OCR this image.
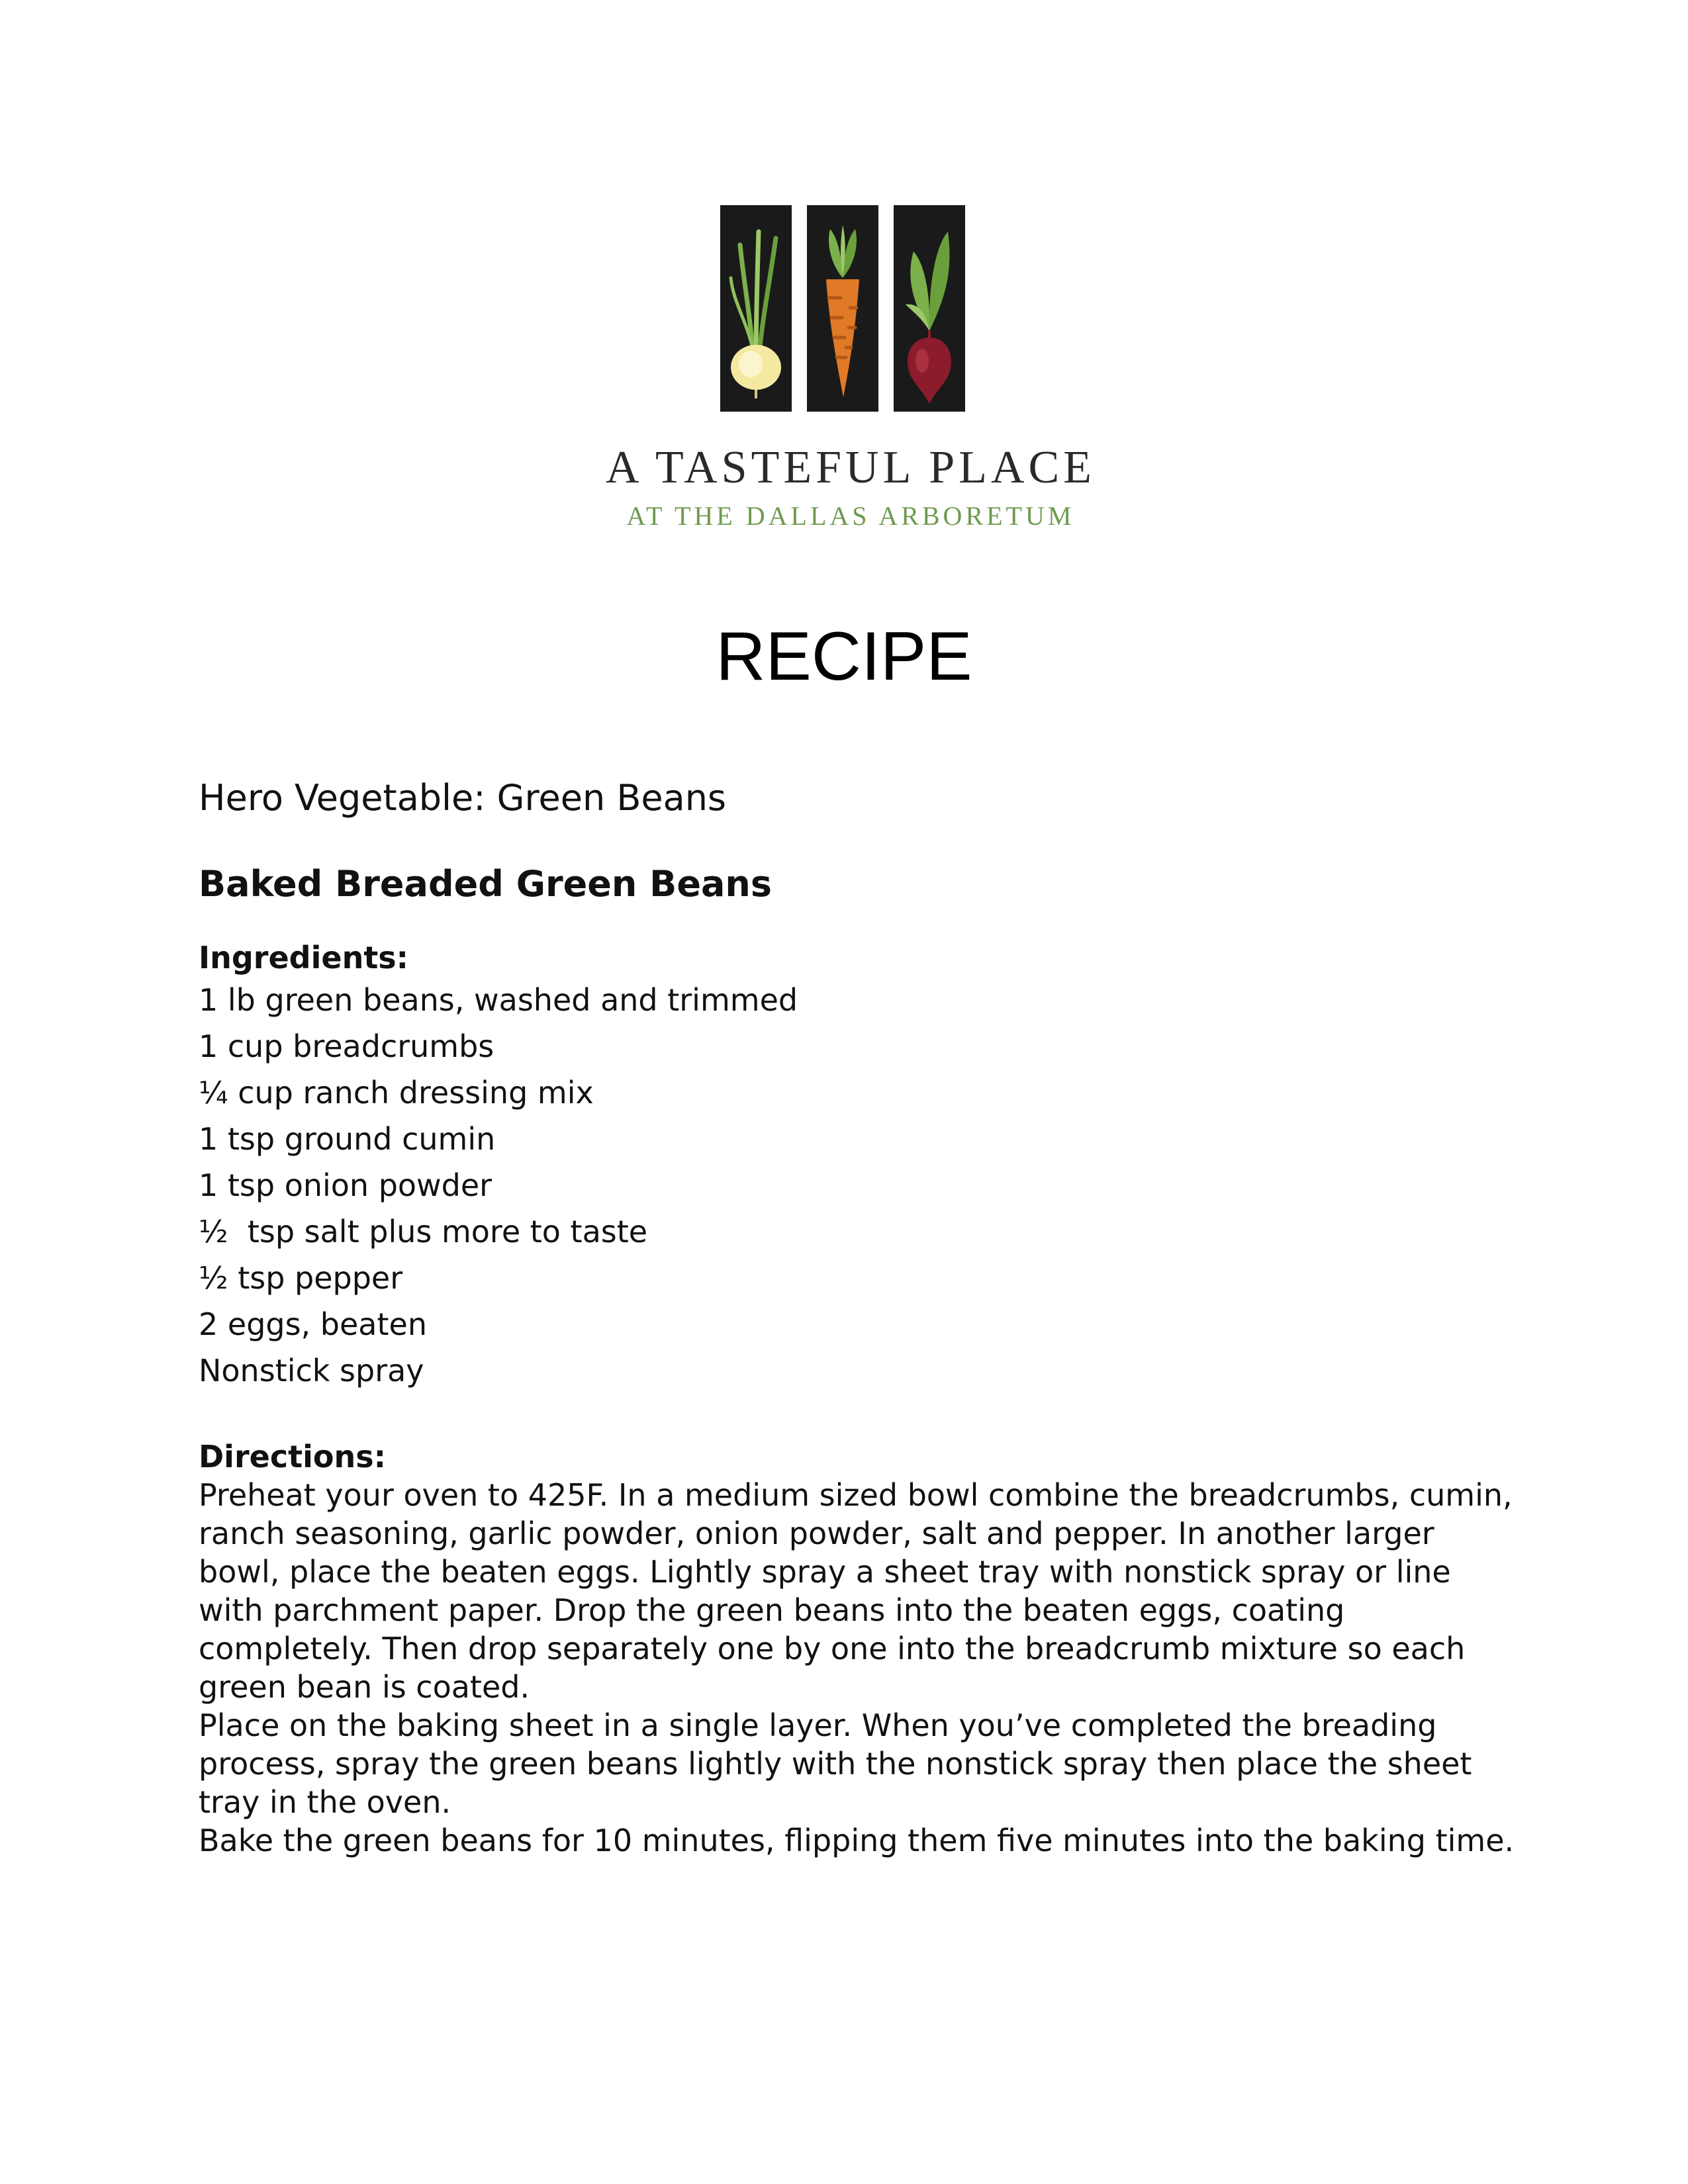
A TASTEFUL PLACE
AT THE DALLAS ARBORETUM
RECIPE

Hero Vegetable: Green Beans

Baked Breaded Green Beans

Ingredients:
1 lb green beans, washed and trimmed
1 cup breadcrumbs
¼ cup ranch dressing mix
1 tsp ground cumin
1 tsp onion powder
½  tsp salt plus more to taste
½ tsp pepper
2 eggs, beaten
Nonstick spray
Directions:

Preheat your oven to 425F. In a medium sized bowl combine the breadcrumbs, cumin, ranch seasoning, garlic powder, onion powder, salt and pepper. In another larger bowl, place the beaten eggs. Lightly spray a sheet tray with nonstick spray or line with parchment paper. Drop the green beans into the beaten eggs, coating completely. Then drop separately one by one into the breadcrumb mixture so each green bean is coated.

Place on the baking sheet in a single layer. When you’ve completed the breading process, spray the green beans lightly with the nonstick spray then place the sheet tray in the oven.

Bake the green beans for 10 minutes, flipping them five minutes into the baking time.
